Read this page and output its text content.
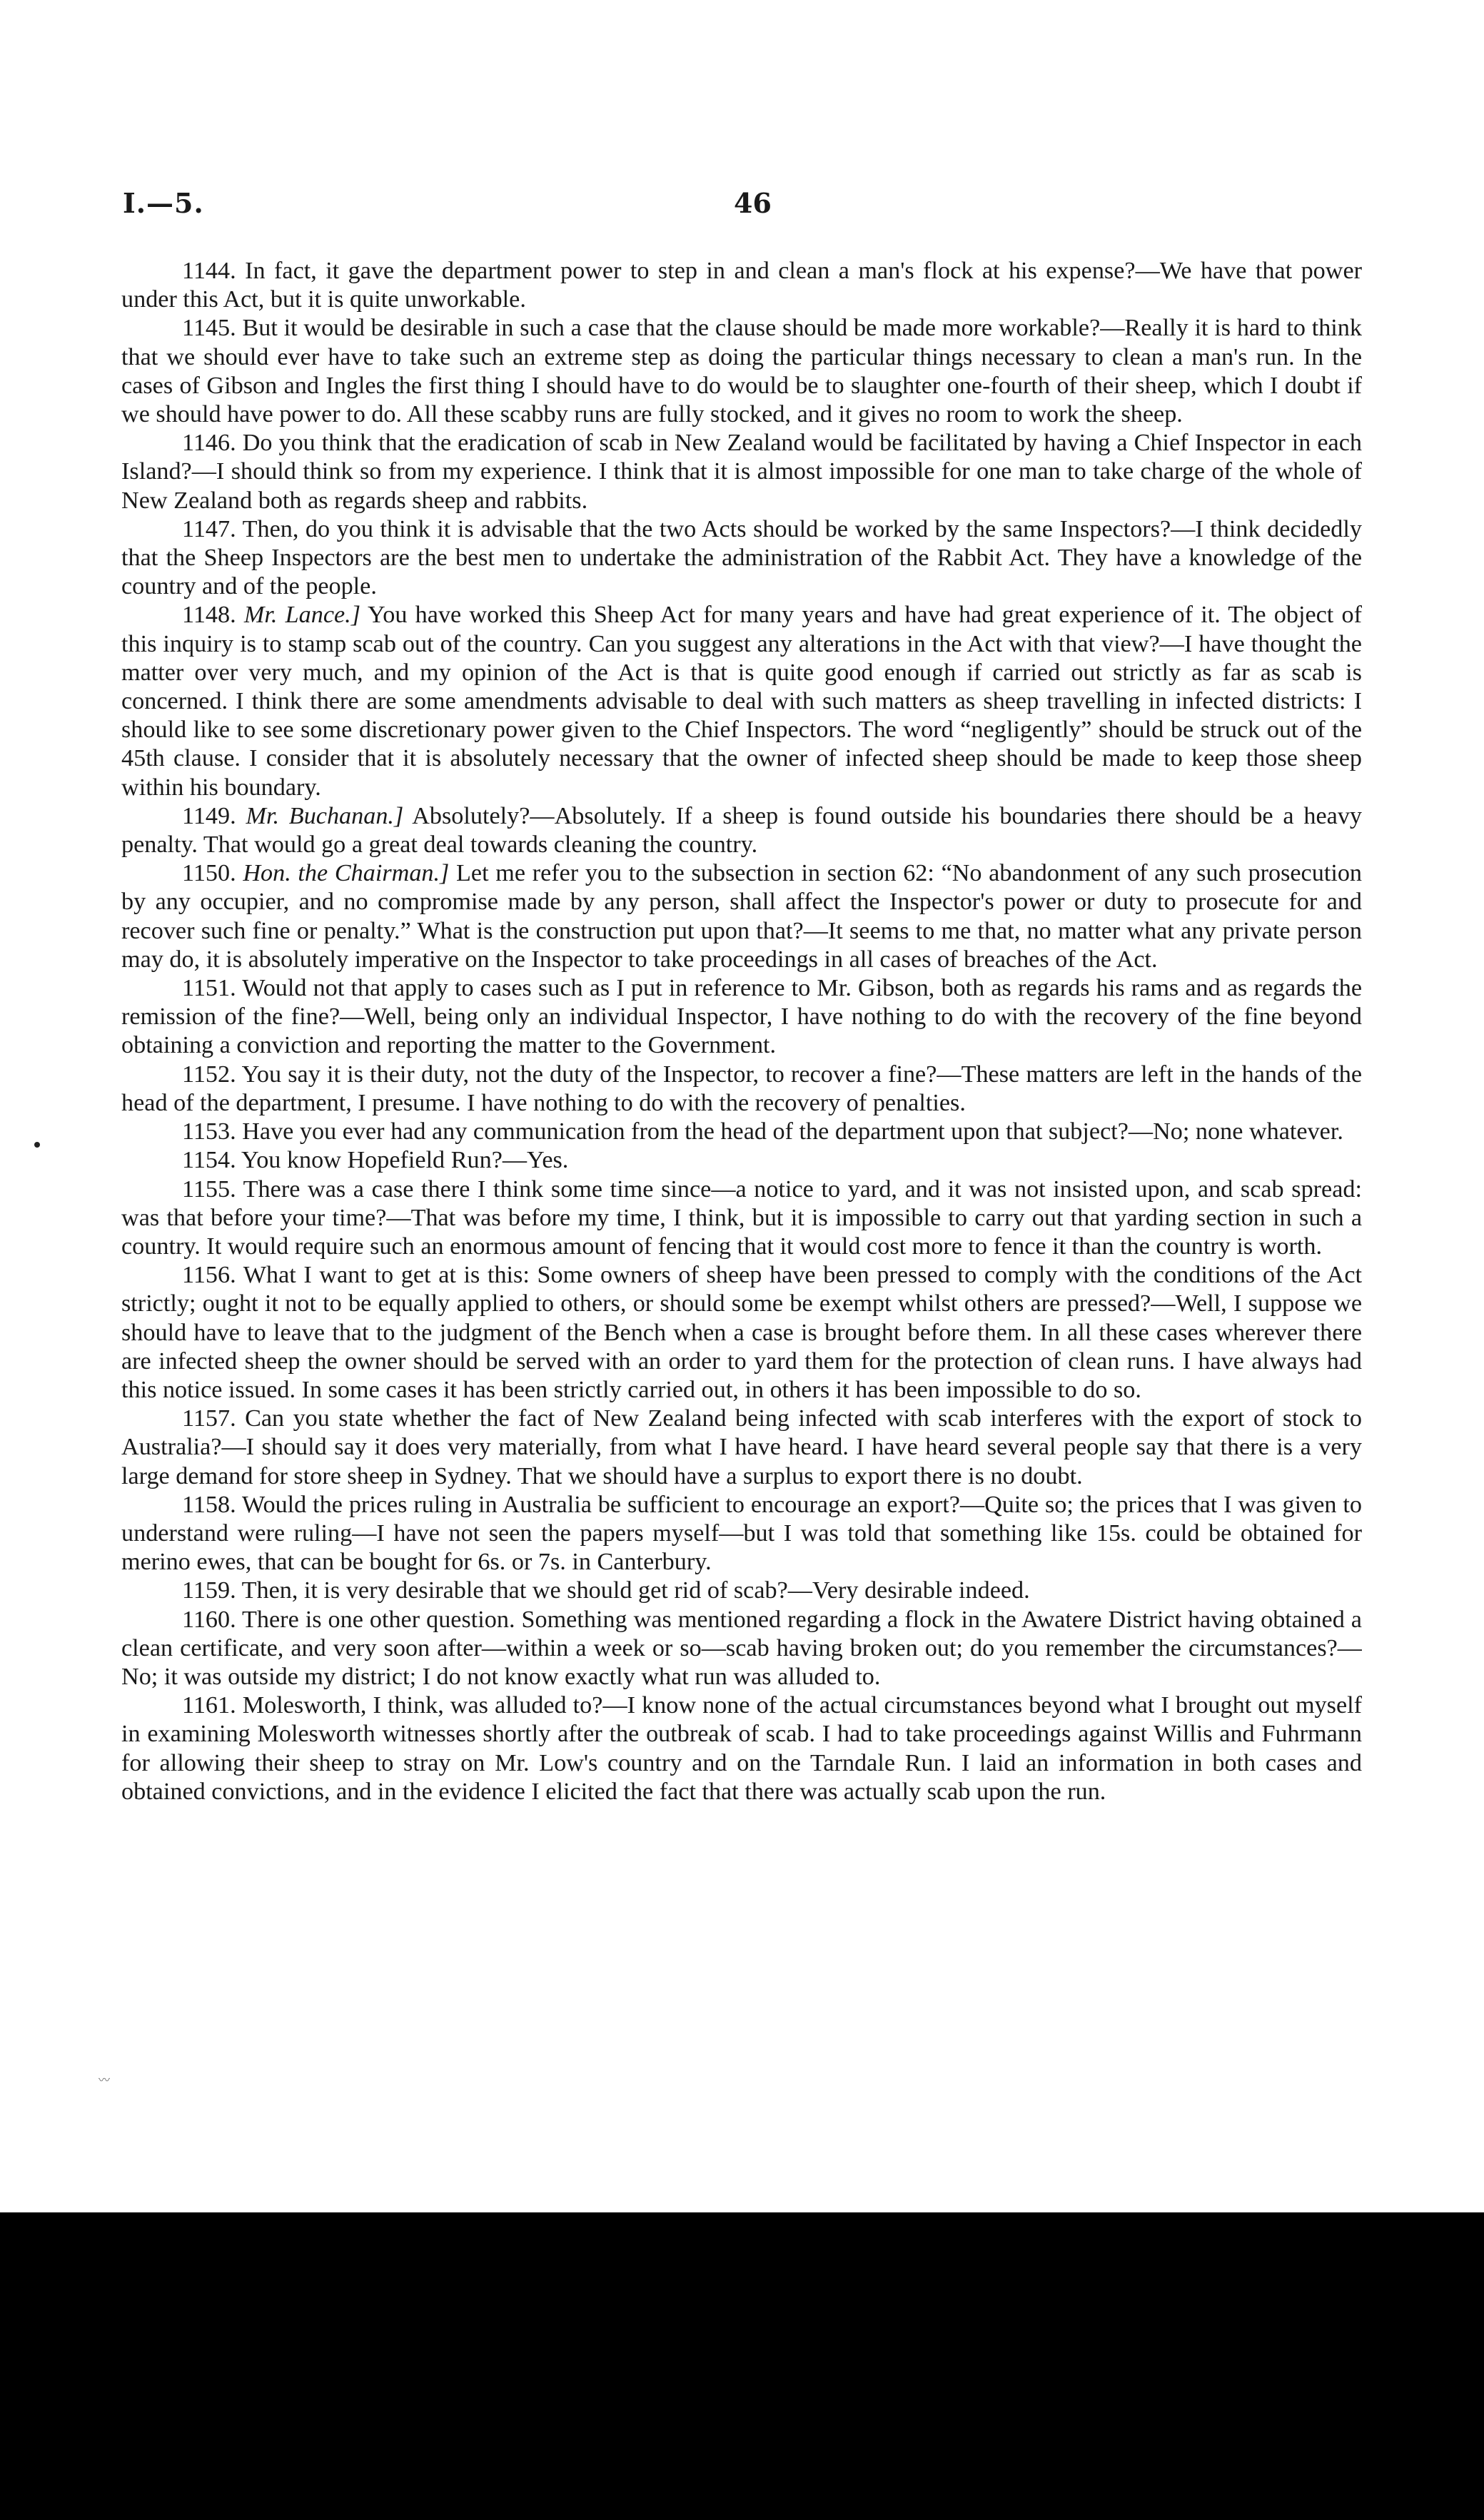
I.—5.	46

1144. In fact, it gave the department power to step in and clean a man's flock at his expense?—We have that power under this Act, but it is quite unworkable.

1145. But it would be desirable in such a case that the clause should be made more workable?—Really it is hard to think that we should ever have to take such an extreme step as doing the particular things necessary to clean a man's run. In the cases of Gibson and Ingles the first thing I should have to do would be to slaughter one-fourth of their sheep, which I doubt if we should have power to do. All these scabby runs are fully stocked, and it gives no room to work the sheep.

1146. Do you think that the eradication of scab in New Zealand would be facilitated by having a Chief Inspector in each Island?—I should think so from my experience. I think that it is almost impossible for one man to take charge of the whole of New Zealand both as regards sheep and rabbits.

1147. Then, do you think it is advisable that the two Acts should be worked by the same Inspectors?—I think decidedly that the Sheep Inspectors are the best men to undertake the administration of the Rabbit Act. They have a knowledge of the country and of the people.

1148. Mr. Lance.] You have worked this Sheep Act for many years and have had great experience of it. The object of this inquiry is to stamp scab out of the country. Can you suggest any alterations in the Act with that view?—I have thought the matter over very much, and my opinion of the Act is that is quite good enough if carried out strictly as far as scab is concerned. I think there are some amendments advisable to deal with such matters as sheep travelling in infected districts: I should like to see some discretionary power given to the Chief Inspectors. The word “negligently” should be struck out of the 45th clause. I consider that it is absolutely necessary that the owner of infected sheep should be made to keep those sheep within his boundary.

1149. Mr. Buchanan.] Absolutely?—Absolutely. If a sheep is found outside his boundaries there should be a heavy penalty. That would go a great deal towards cleaning the country.

1150. Hon. the Chairman.] Let me refer you to the subsection in section 62: “No abandonment of any such prosecution by any occupier, and no compromise made by any person, shall affect the Inspector's power or duty to prosecute for and recover such fine or penalty.” What is the construction put upon that?—It seems to me that, no matter what any private person may do, it is absolutely imperative on the Inspector to take proceedings in all cases of breaches of the Act.

1151. Would not that apply to cases such as I put in reference to Mr. Gibson, both as regards his rams and as regards the remission of the fine?—Well, being only an individual Inspector, I have nothing to do with the recovery of the fine beyond obtaining a conviction and reporting the matter to the Government.

1152. You say it is their duty, not the duty of the Inspector, to recover a fine?—These matters are left in the hands of the head of the department, I presume. I have nothing to do with the recovery of penalties.

1153. Have you ever had any communication from the head of the department upon that subject?—No; none whatever.

1154. You know Hopefield Run?—Yes.

1155. There was a case there I think some time since—a notice to yard, and it was not insisted upon, and scab spread: was that before your time?—That was before my time, I think, but it is impossible to carry out that yarding section in such a country. It would require such an enormous amount of fencing that it would cost more to fence it than the country is worth.

1156. What I want to get at is this: Some owners of sheep have been pressed to comply with the conditions of the Act strictly; ought it not to be equally applied to others, or should some be exempt whilst others are pressed?—Well, I suppose we should have to leave that to the judgment of the Bench when a case is brought before them. In all these cases wherever there are infected sheep the owner should be served with an order to yard them for the protection of clean runs. I have always had this notice issued. In some cases it has been strictly carried out, in others it has been impossible to do so.

1157. Can you state whether the fact of New Zealand being infected with scab interferes with the export of stock to Australia?—I should say it does very materially, from what I have heard. I have heard several people say that there is a very large demand for store sheep in Sydney. That we should have a surplus to export there is no doubt.

1158. Would the prices ruling in Australia be sufficient to encourage an export?—Quite so; the prices that I was given to understand were ruling—I have not seen the papers myself—but I was told that something like 15s. could be obtained for merino ewes, that can be bought for 6s. or 7s. in Canterbury.

1159. Then, it is very desirable that we should get rid of scab?—Very desirable indeed.

1160. There is one other question. Something was mentioned regarding a flock in the Awatere District having obtained a clean certificate, and very soon after—within a week or so—scab having broken out; do you remember the circumstances?—No; it was outside my district; I do not know exactly what run was alluded to.

1161. Molesworth, I think, was alluded to?—I know none of the actual circumstances beyond what I brought out myself in examining Molesworth witnesses shortly after the outbreak of scab. I had to take proceedings against Willis and Fuhrmann for allowing their sheep to stray on Mr. Low's country and on the Tarndale Run. I laid an information in both cases and obtained convictions, and in the evidence I elicited the fact that there was actually scab upon the run.

〰
